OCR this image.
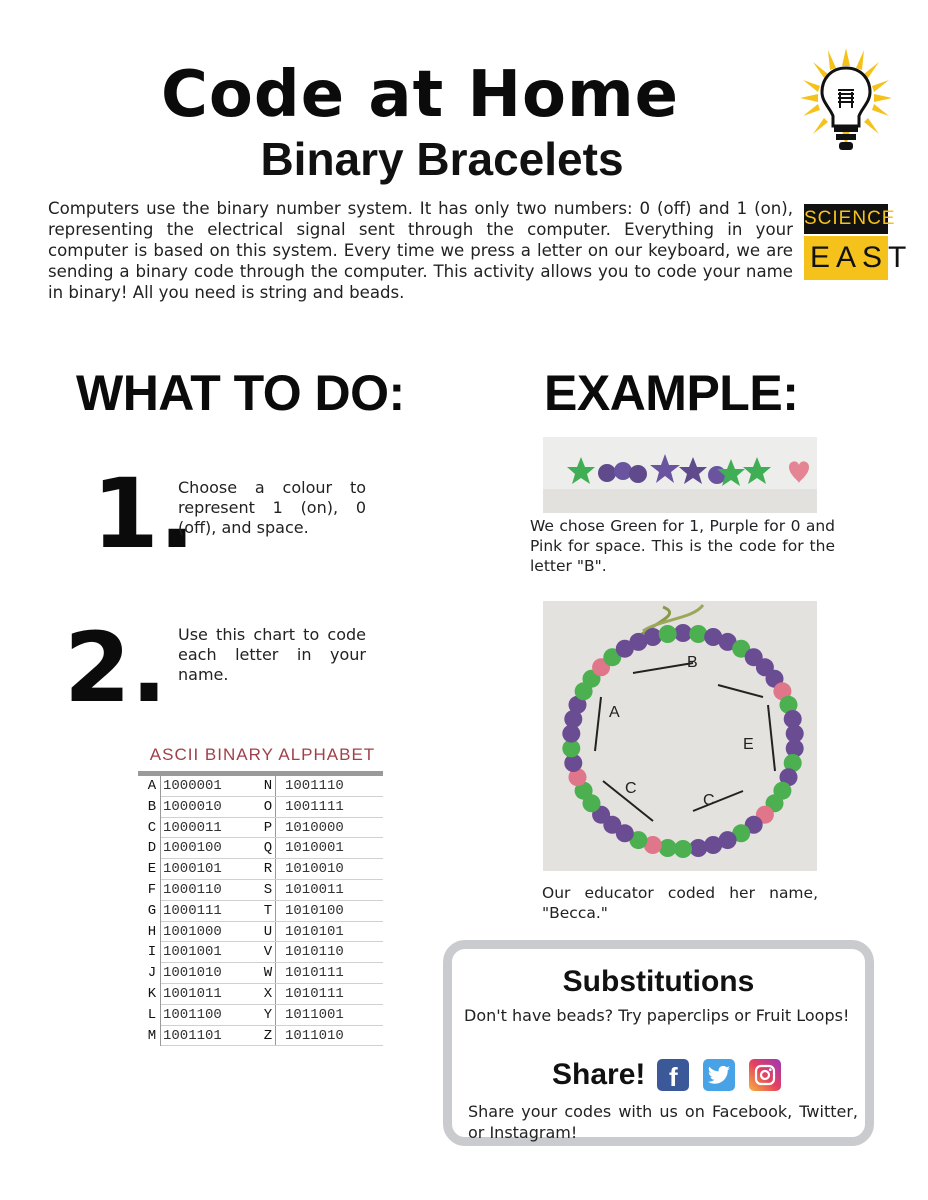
Code at Home
Binary Bracelets
SCIENCE
EAST

Computers use the binary number system. It has only two numbers: 0 (off) and 1 (on), representing the electrical signal sent through the computer. Everything in your computer is based on this system. Every time we press a letter on our keyboard, we are sending a binary code through the computer. This activity allows you to code your name in binary! All you need is string and beads.

WHAT TO DO:
1.

Choose a colour to represent 1 (on), 0 (off), and space.

2. Use this chart to code each letter in your name.

ASCII BINARY ALPHABET
A 1000001	N 1001110
B 1000010	O 1001111
C 1000011	P 1010000
D 1000100	Q 1010001
E 1000101	R 1010010
F 1000110	S 1010011
G 1000111	T 1010100
H 1001000	U 1010101
I 1001001	V 1010110
J 1001010	W 1010111
K 1001011	X 1010111
L 1001100	Y 1011001
M 1001101	Z 1011010
EXAMPLE:

We chose Green for 1, Purple for 0 and Pink for space. This is the code for the letter "B".

A
B
E
C
C

Our educator coded her name, "Becca."

Substitutions

Don't have beads? Try paperclips or Fruit Loops!

Share! f

Share your codes with us on Facebook, Twitter, or Instagram!
